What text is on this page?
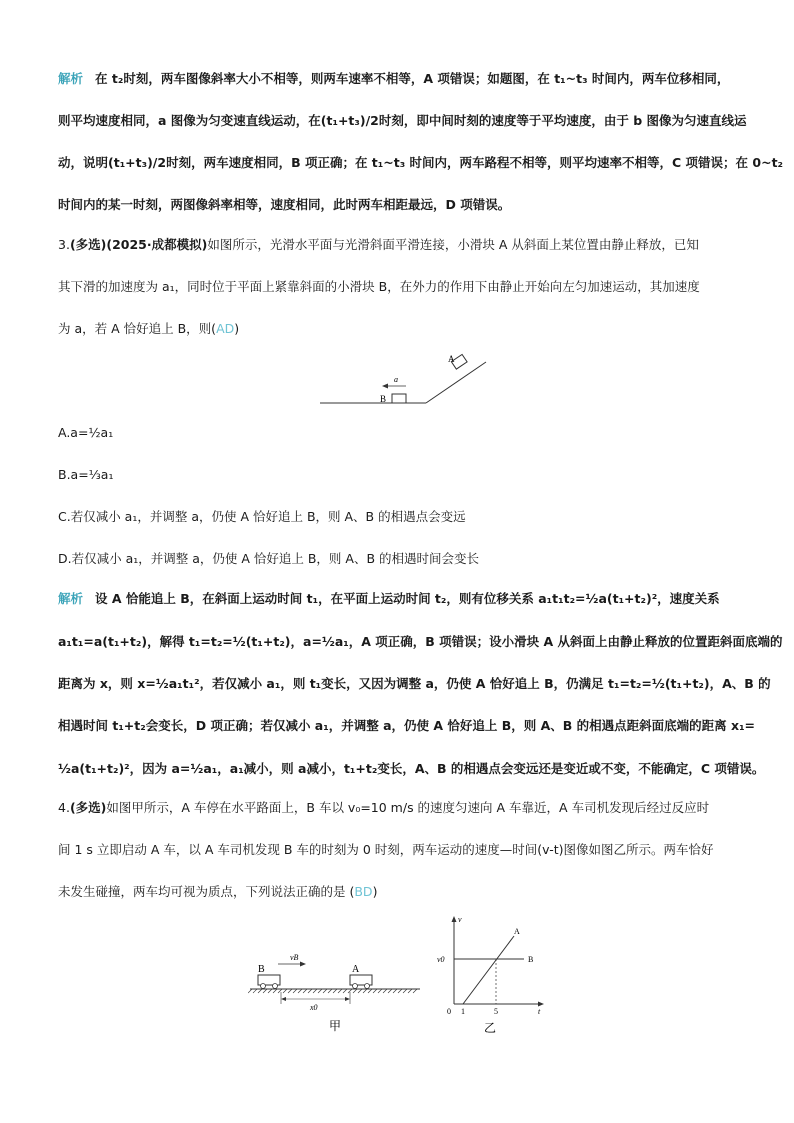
解析 在 t₂时刻，两车图像斜率大小不相等，则两车速率不相等，A 项错误；如题图，在 t₁~t₃ 时间内，两车位移相同，
则平均速度相同，a 图像为匀变速直线运动，在(t₁+t₃)/2时刻，即中间时刻的速度等于平均速度，由于 b 图像为匀速直线运
动，说明(t₁+t₃)/2时刻，两车速度相同，B 项正确；在 t₁~t₃ 时间内，两车路程不相等，则平均速率不相等，C 项错误；在 0~t₂
时间内的某一时刻，两图像斜率相等，速度相同，此时两车相距最远，D 项错误。
3.(多选)(2025·成都模拟)如图所示，光滑水平面与光滑斜面平滑连接，小滑块 A 从斜面上某位置由静止释放，已知
其下滑的加速度为 a₁，同时位于平面上紧靠斜面的小滑块 B，在外力的作用下由静止开始向左匀加速运动，其加速度
为 a，若 A 恰好追上 B，则(AD)
B
A
a
A.a=½a₁
B.a=⅓a₁
C.若仅减小 a₁，并调整 a，仍使 A 恰好追上 B，则 A、B 的相遇点会变远
D.若仅减小 a₁，并调整 a，仍使 A 恰好追上 B，则 A、B 的相遇时间会变长
解析 设 A 恰能追上 B，在斜面上运动时间 t₁，在平面上运动时间 t₂，则有位移关系 a₁t₁t₂=½a(t₁+t₂)²，速度关系
a₁t₁=a(t₁+t₂)，解得 t₁=t₂=½(t₁+t₂)，a=½a₁，A 项正确，B 项错误；设小滑块 A 从斜面上由静止释放的位置距斜面底端的
距离为 x，则 x=½a₁t₁²，若仅减小 a₁，则 t₁变长，又因为调整 a，仍使 A 恰好追上 B，仍满足 t₁=t₂=½(t₁+t₂)，A、B 的
相遇时间 t₁+t₂会变长，D 项正确；若仅减小 a₁，并调整 a，仍使 A 恰好追上 B，则 A、B 的相遇点距斜面底端的距离 x₁=
½a(t₁+t₂)²，因为 a=½a₁，a₁减小，则 a减小，t₁+t₂变长，A、B 的相遇点会变远还是变近或不变，不能确定，C 项错误。
4.(多选)如图甲所示，A 车停在水平路面上，B 车以 v₀=10 m/s 的速度匀速向 A 车靠近，A 车司机发现后经过反应时
间 1 s 立即启动 A 车，以 A 车司机发现 B 车的时刻为 0 时刻，两车运动的速度—时间(v-t)图像如图乙所示。两车恰好
未发生碰撞，两车均可视为质点，下列说法正确的是 (BD)
vB
B	A
x0
甲
v
t
v0	B
A
0 1	5
乙
